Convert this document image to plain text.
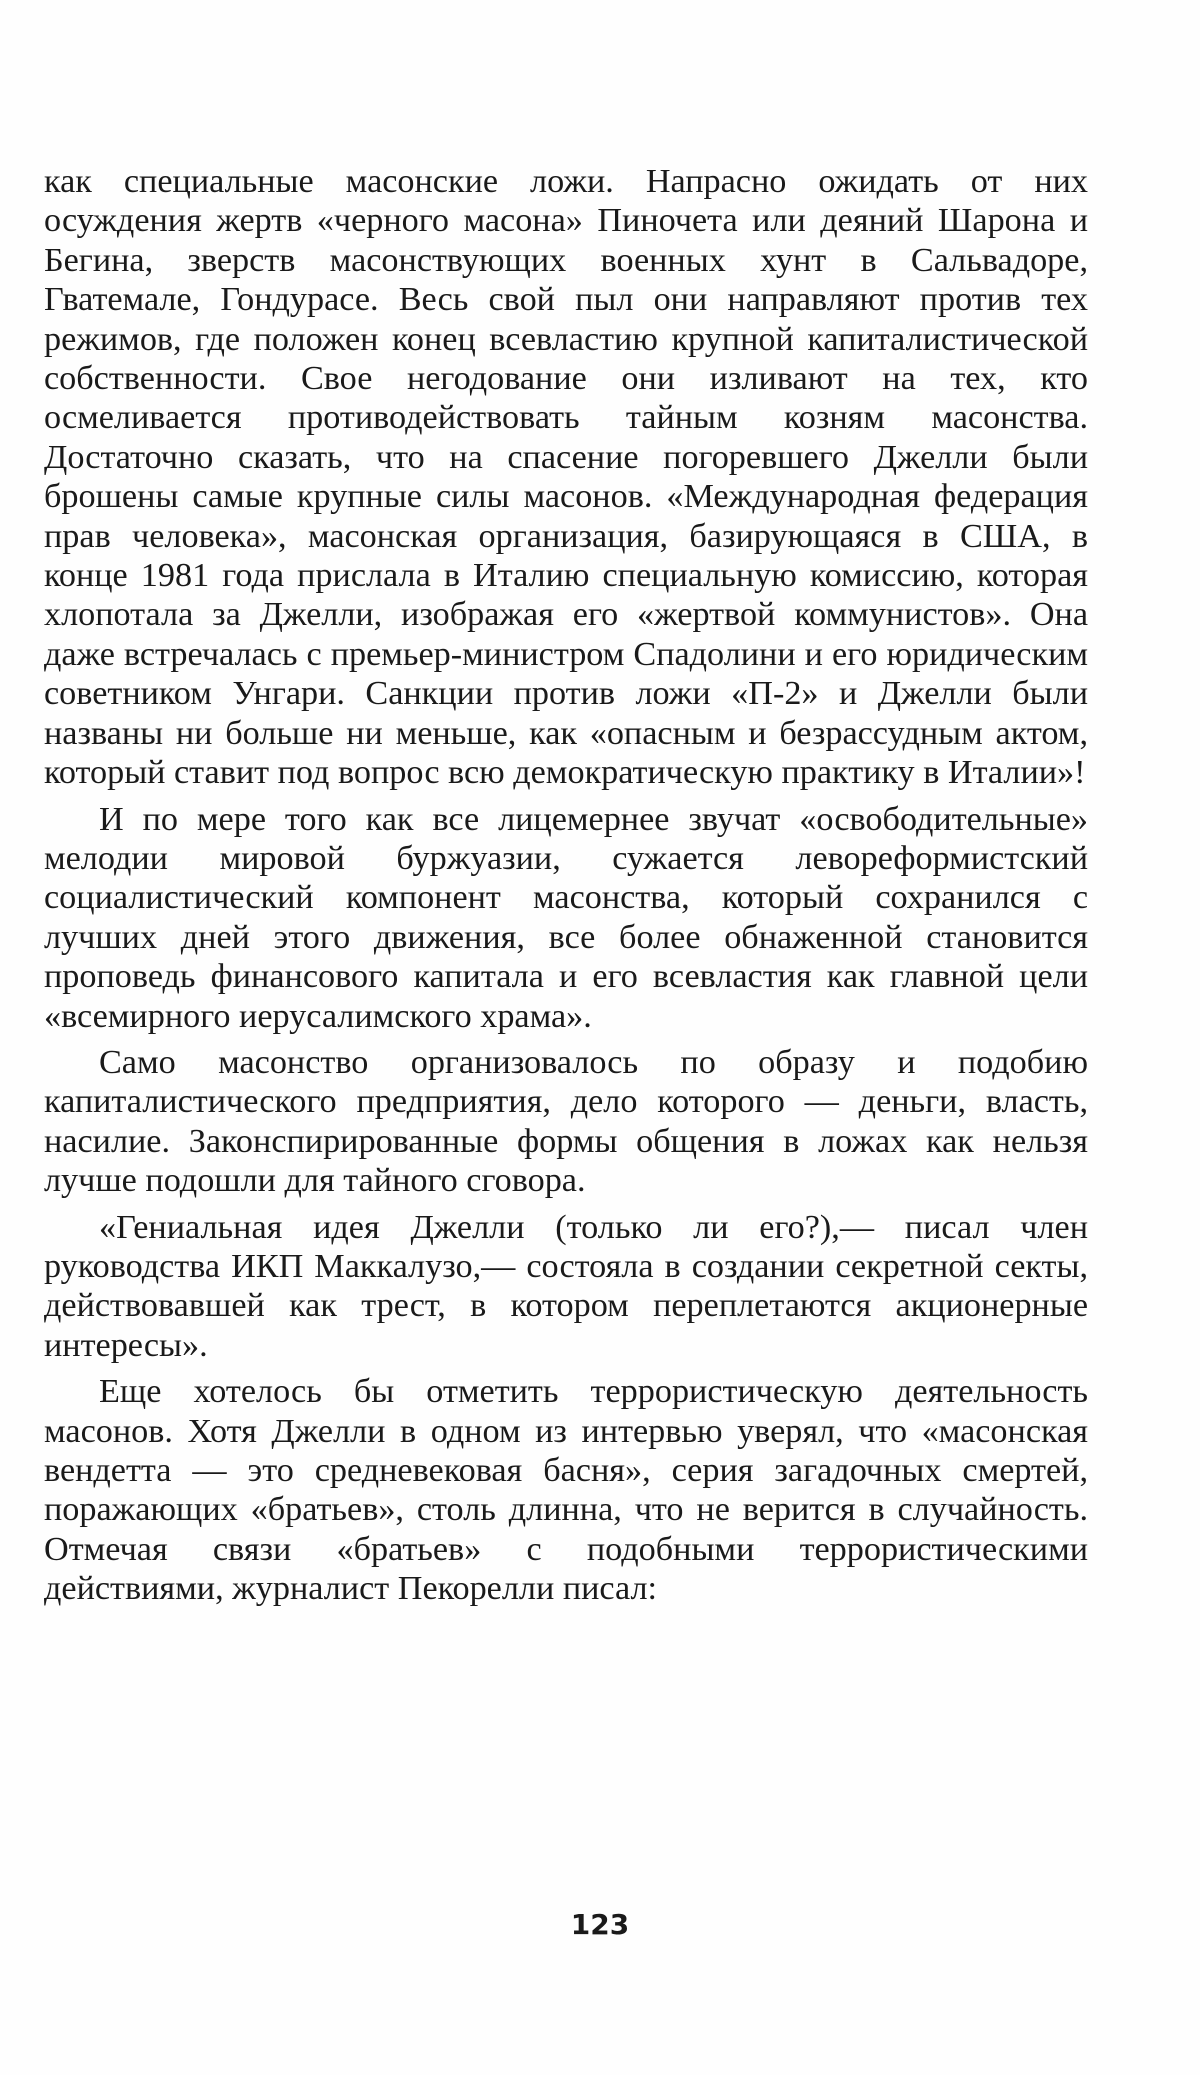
как специальные масонские ложи. Напрасно ожидать от них осуждения жертв «черного масона» Пиночета или деяний Шарона и Бегина, зверств масонствующих военных хунт в Сальвадоре, Гватемале, Гондурасе. Весь свой пыл они направляют против тех режимов, где положен конец всевластию крупной капиталистической собственности. Свое негодование они изливают на тех, кто осмеливается противодействовать тайным козням масонства. Достаточно сказать, что на спасение погоревшего Джелли были брошены самые крупные силы масонов. «Международная федерация прав человека», масонская организация, базирующаяся в США, в конце 1981 года прислала в Италию специальную комиссию, которая хлопотала за Джелли, изображая его «жертвой коммунистов». Она даже встречалась с премьер-министром Спадолини и его юридическим советником Унгари. Санкции против ложи «П-2» и Джелли были названы ни больше ни меньше, как «опасным и безрассудным актом, который ставит под вопрос всю демократическую практику в Италии»!

И по мере того как все лицемернее звучат «освободительные» мелодии мировой буржуазии, сужается левореформистский социалистический компонент масонства, который сохранился с лучших дней этого движения, все более обнаженной становится проповедь финансового капитала и его всевластия как главной цели «всемирного иерусалимского храма».

Само масонство организовалось по образу и подобию капиталистического предприятия, дело которого — деньги, власть, насилие. Законспирированные формы общения в ложах как нельзя лучше подошли для тайного сговора.

«Гениальная идея Джелли (только ли его?),— писал член руководства ИКП Маккалузо,— состояла в создании секретной секты, действовавшей как трест, в котором переплетаются акционерные интересы».

Еще хотелось бы отметить террористическую деятельность масонов. Хотя Джелли в одном из интервью уверял, что «масонская вендетта — это средневековая басня», серия загадочных смертей, поражающих «братьев», столь длинна, что не верится в случайность. Отмечая связи «братьев» с подобными террористическими действиями, журналист Пекорелли писал:

123
